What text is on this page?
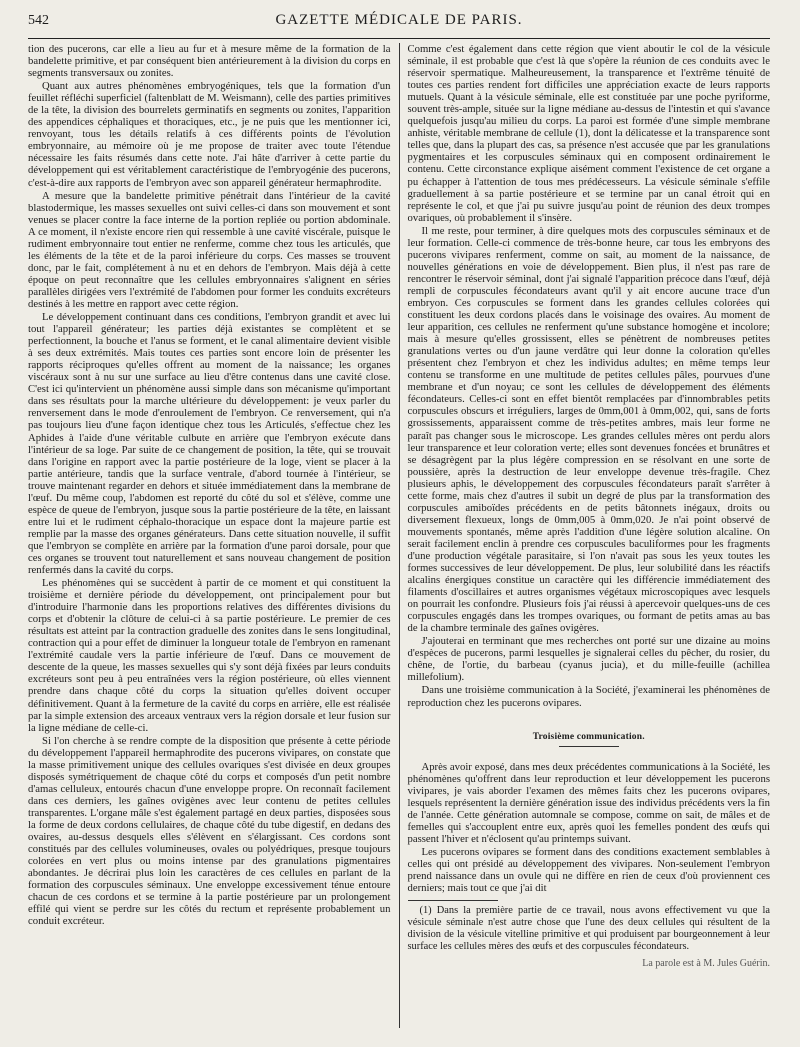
542	GAZETTE MÉDICALE DE PARIS.

tion des pucerons, car elle a lieu au fur et à mesure même de la formation de la bandelette primitive, et par conséquent bien antérieurement à la division du corps en segments transversaux ou zonites.

Quant aux autres phénomènes embryogéniques, tels que la formation d'un feuillet réfléchi superficiel (faltenblatt de M. Weismann), celle des parties primitives de la tête, la division des bourrelets germinatifs en segments ou zonites, l'apparition des appendices céphaliques et thoraciques, etc., je ne puis que les mentionner ici, renvoyant, tous les détails relatifs à ces différents points de l'évolution embryonnaire, au mémoire où je me propose de traiter avec toute l'étendue nécessaire les faits résumés dans cette note. J'ai hâte d'arriver à cette partie du développement qui est véritablement caractéristique de l'embryogénie des pucerons, c'est-à-dire aux rapports de l'embryon avec son appareil générateur hermaphrodite.

A mesure que la bandelette primitive pénétrait dans l'intérieur de la cavité blastodermique, les masses sexuelles ont suivi celles-ci dans son mouvement et sont venues se placer contre la face interne de la portion repliée ou portion abdominale. A ce moment, il n'existe encore rien qui ressemble à une cavité viscérale, puisque le rudiment embryonnaire tout entier ne renferme, comme chez tous les articulés, que les éléments de la tête et de la paroi inférieure du corps. Ces masses se trouvent donc, par le fait, complétement à nu et en dehors de l'embryon. Mais déjà à cette époque on peut reconnaître que les cellules embryonnaires s'alignent en séries parallèles dirigées vers l'extrémité de l'abdomen pour former les conduits excréteurs destinés à les mettre en rapport avec cette région.

Le développement continuant dans ces conditions, l'embryon grandit et avec lui tout l'appareil générateur; les parties déjà existantes se complètent et se perfectionnent, la bouche et l'anus se forment, et le canal alimentaire devient visible à ses deux extrémités. Mais toutes ces parties sont encore loin de présenter les rapports réciproques qu'elles offrent au moment de la naissance; les organes viscéraux sont à nu sur une surface au lieu d'être contenus dans une cavité close. C'est ici qu'intervient un phénomène aussi simple dans son mécanisme qu'important dans ses résultats pour la marche ultérieure du développement: je veux parler du renversement dans le mode d'enroulement de l'embryon. Ce renversement, qui n'a pas toujours lieu d'une façon identique chez tous les Articulés, s'effectue chez les Aphides à l'aide d'une véritable culbute en arrière que l'embryon exécute dans l'intérieur de sa loge. Par suite de ce changement de position, la tête, qui se trouvait dans l'origine en rapport avec la partie postérieure de la loge, vient se placer à la partie antérieure, tandis que la surface ventrale, d'abord tournée à l'intérieur, se trouve maintenant regarder en dehors et située immédiatement dans la membrane de l'œuf. Du même coup, l'abdomen est reporté du côté du sol et s'élève, comme une espèce de queue de l'embryon, jusque sous la partie postérieure de la tête, en laissant entre lui et le rudiment céphalo-thoracique un espace dont la majeure partie est remplie par la masse des organes générateurs. Dans cette situation nouvelle, il suffit que l'embryon se complète en arrière par la formation d'une paroi dorsale, pour que ces organes se trouvent tout naturellement et sans nouveau changement de position renfermés dans la cavité du corps.

Les phénomènes qui se succèdent à partir de ce moment et qui constituent la troisième et dernière période du développement, ont principalement pour but d'introduire l'harmonie dans les proportions relatives des différentes divisions du corps et d'obtenir la clôture de celui-ci à sa partie postérieure. Le premier de ces résultats est atteint par la contraction graduelle des zonites dans le sens longitudinal, contraction qui a pour effet de diminuer la longueur totale de l'embryon en ramenant l'extrémité caudale vers la partie inférieure de l'œuf. Dans ce mouvement de descente de la queue, les masses sexuelles qui s'y sont déjà fixées par leurs conduits excréteurs sont peu à peu entraînées vers la région postérieure, où elles viennent prendre dans chaque côté du corps la situation qu'elles doivent occuper définitivement. Quant à la fermeture de la cavité du corps en arrière, elle est réalisée par la simple extension des arceaux ventraux vers la région dorsale et leur fusion sur la ligne médiane de celle-ci.

Si l'on cherche à se rendre compte de la disposition que présente à cette période du développement l'appareil hermaphrodite des pucerons vivipares, on constate que la masse primitivement unique des cellules ovariques s'est divisée en deux groupes disposés symétriquement de chaque côté du corps et composés d'un petit nombre d'amas celluleux, entourés chacun d'une enveloppe propre. On reconnaît facilement dans ces derniers, les gaînes ovigènes avec leur contenu de petites cellules transparentes. L'organe mâle s'est également partagé en deux parties, disposées sous la forme de deux cordons cellulaires, de chaque côté du tube digestif, en dedans des ovaires, au-dessus desquels elles s'élèvent en s'élargissant. Ces cordons sont constitués par des cellules volumineuses, ovales ou polyédriques, presque toujours colorées en vert plus ou moins intense par des granulations pigmentaires abondantes. Je décrirai plus loin les caractères de ces cellules en parlant de la formation des corpuscules séminaux. Une enveloppe excessivement ténue entoure chacun de ces cordons et se termine à la partie postérieure par un prolongement effilé qui vient se perdre sur les côtés du rectum et représente probablement un conduit excréteur.

Comme c'est également dans cette région que vient aboutir le col de la vésicule séminale, il est probable que c'est là que s'opère la réunion de ces conduits avec le réservoir spermatique. Malheureusement, la transparence et l'extrême ténuité de toutes ces parties rendent fort difficiles une appréciation exacte de leurs rapports mutuels. Quant à la vésicule séminale, elle est constituée par une poche pyriforme, souvent très-ample, située sur la ligne médiane au-dessus de l'intestin et qui s'avance quelquefois jusqu'au milieu du corps. La paroi est formée d'une simple membrane anhiste, véritable membrane de cellule (1), dont la délicatesse et la transparence sont telles que, dans la plupart des cas, sa présence n'est accusée que par les granulations pygmentaires et les corpuscules séminaux qui en composent ordinairement le contenu. Cette circonstance explique aisément comment l'existence de cet organe a pu échapper à l'attention de tous mes prédécesseurs. La vésicule séminale s'effile graduellement à sa partie postérieure et se termine par un canal étroit qui en représente le col, et que j'ai pu suivre jusqu'au point de réunion des deux trompes ovariques, où probablement il s'insère.

Il me reste, pour terminer, à dire quelques mots des corpuscules séminaux et de leur formation. Celle-ci commence de très-bonne heure, car tous les embryons des pucerons vivipares renferment, comme on sait, au moment de la naissance, de nouvelles générations en voie de développement. Bien plus, il n'est pas rare de rencontrer le réservoir séminal, dont j'ai signalé l'apparition précoce dans l'œuf, déjà rempli de corpuscules fécondateurs avant qu'il y ait encore aucune trace d'un embryon. Ces corpuscules se forment dans les grandes cellules colorées qui constituent les deux cordons placés dans le voisinage des ovaires. Au moment de leur apparition, ces cellules ne renferment qu'une substance homogène et incolore; mais à mesure qu'elles grossissent, elles se pénètrent de nombreuses petites granulations vertes ou d'un jaune verdâtre qui leur donne la coloration qu'elles présentent chez l'embryon et chez les individus adultes; en même temps leur contenu se transforme en une multitude de petites cellules pâles, pourvues d'une membrane et d'un noyau; ce sont les cellules de développement des éléments fécondateurs. Celles-ci sont en effet bientôt remplacées par d'innombrables petits corpuscules obscurs et irréguliers, larges de 0mm,001 à 0mm,002, qui, sans de forts grossissements, apparaissent comme de très-petites ambres, mais leur forme ne paraît pas changer sous le microscope. Les grandes cellules mères ont perdu alors leur transparence et leur coloration verte; elles sont devenues foncées et brunâtres et se désagrègent par la plus légère compression en se résolvant en une sorte de poussière, après la destruction de leur enveloppe devenue très-fragile. Chez plusieurs aphis, le développement des corpuscules fécondateurs paraît s'arrêter à cette forme, mais chez d'autres il subit un degré de plus par la transformation des corpuscules amiboïdes précédents en de petits bâtonnets inégaux, droits ou diversement flexueux, longs de 0mm,005 à 0mm,020. Je n'ai point observé de mouvements spontanés, même après l'addition d'une légère solution alcaline. On serait facilement enclin à prendre ces corpuscules baculiformes pour les fragments d'une production végétale parasitaire, si l'on n'avait pas sous les yeux toutes les formes successives de leur développement. De plus, leur solubilité dans les réactifs alcalins énergiques constitue un caractère qui les différencie immédiatement des filaments d'oscillaires et autres organismes végétaux microscopiques avec lesquels on pourrait les confondre. Plusieurs fois j'ai réussi à apercevoir quelques-uns de ces corpuscules engagés dans les trompes ovariques, ou formant de petits amas au bas de la chambre terminale des gaînes ovigères.

J'ajouterai en terminant que mes recherches ont porté sur une dizaine au moins d'espèces de pucerons, parmi lesquelles je signalerai celles du pêcher, du rosier, du chêne, de l'ortie, du barbeau (cyanus jucia), et du mille-feuille (achillea millefolium).

Dans une troisième communication à la Société, j'examinerai les phénomènes de reproduction chez les pucerons ovipares.

Troisième communication.

Après avoir exposé, dans mes deux précédentes communications à la Société, les phénomènes qu'offrent dans leur reproduction et leur développement les pucerons vivipares, je vais aborder l'examen des mêmes faits chez les pucerons ovipares, lesquels représentent la dernière génération issue des individus précédents vers la fin de l'année. Cette génération automnale se compose, comme on sait, de mâles et de femelles qui s'accouplent entre eux, après quoi les femelles pondent des œufs qui passent l'hiver et n'éclosent qu'au printemps suivant.

Les pucerons ovipares se forment dans des conditions exactement semblables à celles qui ont présidé au développement des vivipares. Non-seulement l'embryon prend naissance dans un ovule qui ne diffère en rien de ceux d'où proviennent ces derniers; mais tout ce que j'ai dit

(1) Dans la première partie de ce travail, nous avons effectivement vu que la vésicule séminale n'est autre chose que l'une des deux cellules qui résultent de la division de la vésicule vitelline primitive et qui produisent par bourgeonnement à leur surface les cellules mères des œufs et des corpuscules fécondateurs.

La parole est à M. Jules Guérin.
